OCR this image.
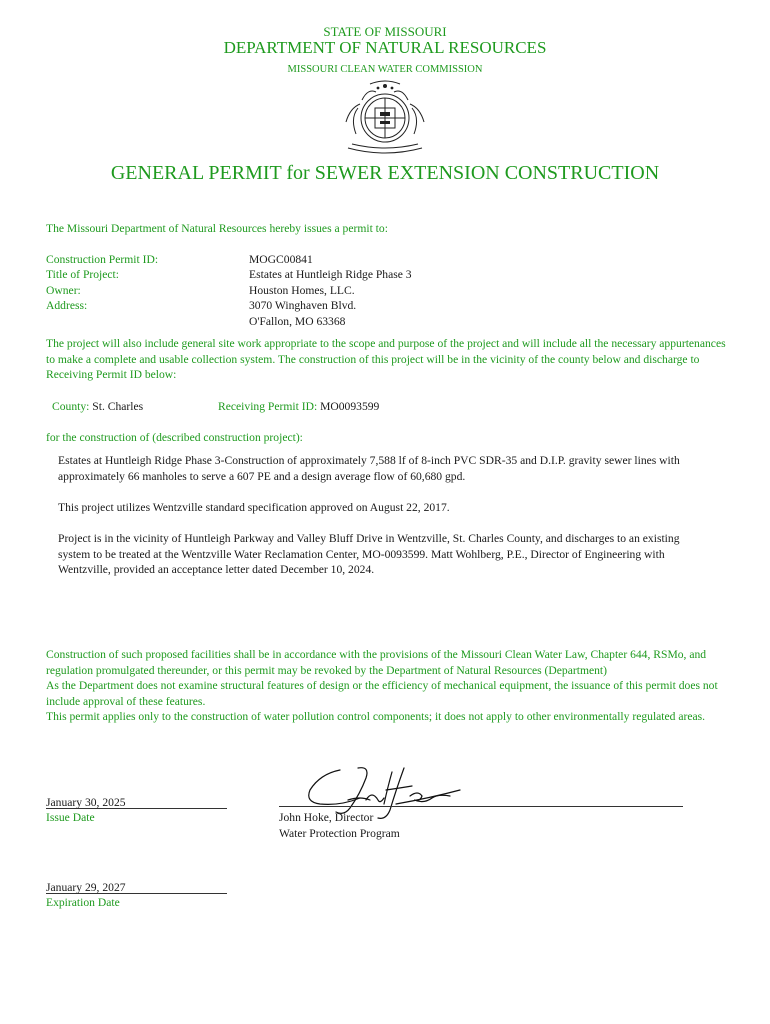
STATE OF MISSOURI
DEPARTMENT OF NATURAL RESOURCES
MISSOURI CLEAN WATER COMMISSION
GENERAL PERMIT for SEWER EXTENSION CONSTRUCTION
The Missouri Department of Natural Resources hereby issues a permit to:
Construction Permit ID:	MOGC00841
Title of Project:	Estates at Huntleigh Ridge Phase 3
Owner:	Houston Homes, LLC.
Address:	3070 Winghaven Blvd.
O'Fallon, MO 63368
The project will also include general site work appropriate to the scope and purpose of the project and will include all the necessary appurtenances to make a complete and usable collection system. The construction of this project will be in the vicinity of the county below and discharge to Receiving Permit ID below:
County: St. Charles	Receiving Permit ID: MO0093599
for the construction of (described construction project):
Estates at Huntleigh Ridge Phase 3-Construction of approximately 7,588 lf of 8-inch PVC SDR-35 and D.I.P. gravity sewer lines with approximately 66 manholes to serve a 607 PE and a design average flow of 60,680 gpd.
This project utilizes Wentzville standard specification approved on August 22, 2017.
Project is in the vicinity of Huntleigh Parkway and Valley Bluff Drive in Wentzville, St. Charles County, and discharges to an existing system to be treated at the Wentzville Water Reclamation Center, MO-0093599. Matt Wohlberg, P.E., Director of Engineering with Wentzville, provided an acceptance letter dated December 10, 2024.
Construction of such proposed facilities shall be in accordance with the provisions of the Missouri Clean Water Law, Chapter 644, RSMo, and regulation promulgated thereunder, or this permit may be revoked by the Department of Natural Resources (Department)
As the Department does not examine structural features of design or the efficiency of mechanical equipment, the issuance of this permit does not include approval of these features.
This permit applies only to the construction of water pollution control components; it does not apply to other environmentally regulated areas.
January 30, 2025
Issue Date	John Hoke, Director
Water Protection Program
January 29, 2027
Expiration Date
